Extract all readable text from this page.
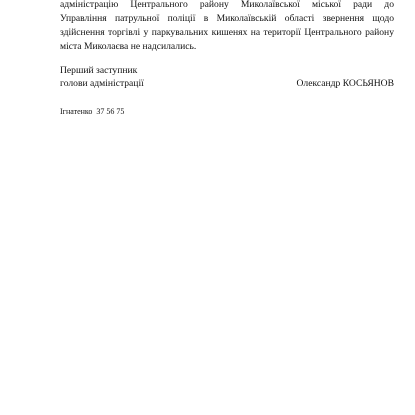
адміністрацію Центрального району Миколаївської міської ради до
Управління патрульної поліції в Миколаївській області звернення щодо
здійснення торгівлі у паркувальних кишенях на території Центрального району
міста Миколаєва не надсилались.
Перший заступник
голови адміністрації	Олександр КОСЬЯНОВ
Ігнатенко 37 56 75
